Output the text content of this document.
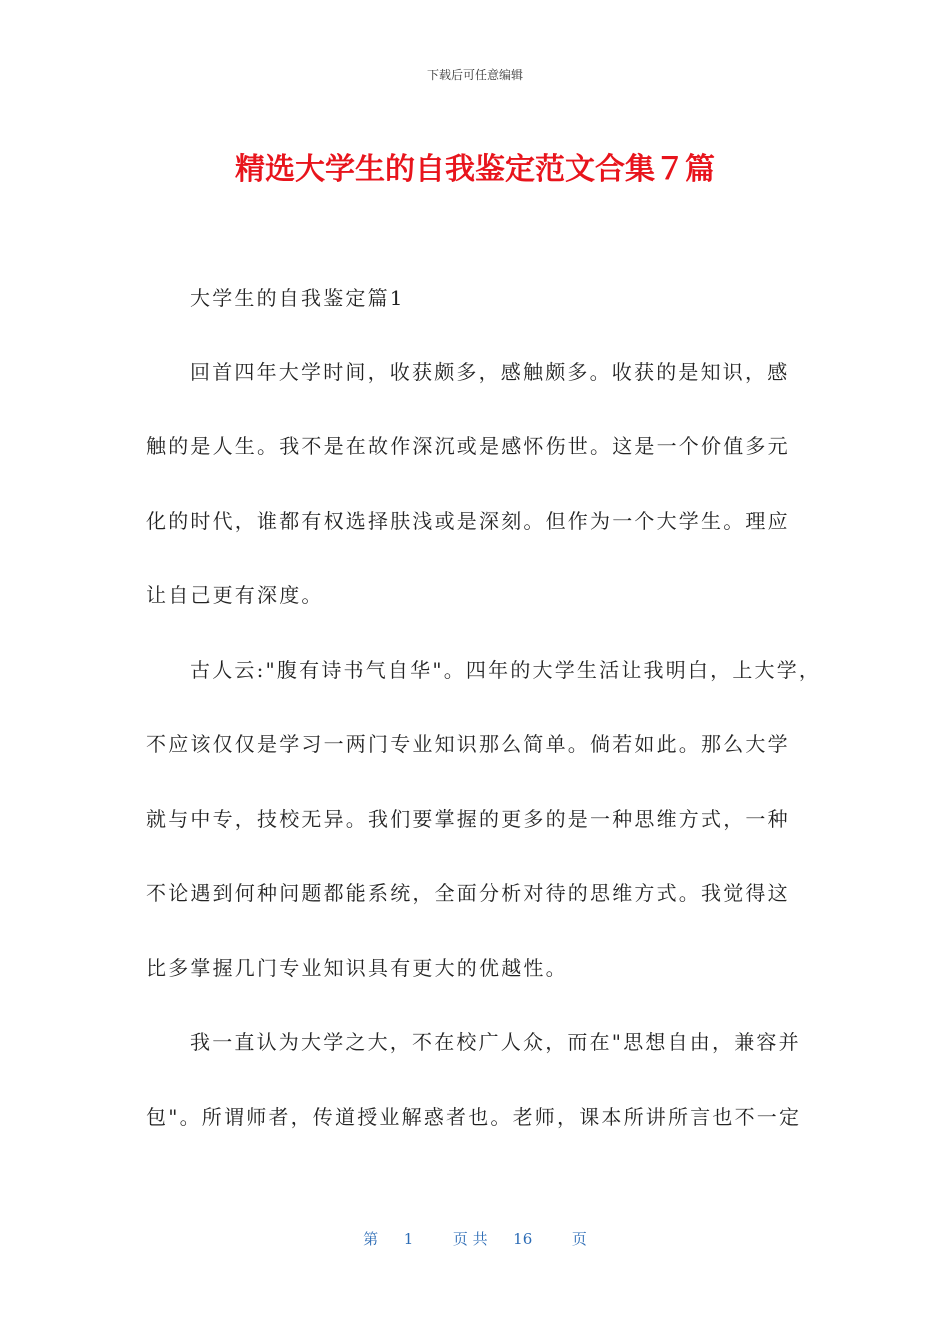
下载后可任意编辑
精选大学生的自我鉴定范文合集７篇
大学生的自我鉴定篇1
回首四年大学时间，收获颇多，感触颇多。收获的是知识，感
触的是人生。我不是在故作深沉或是感怀伤世。这是一个价值多元
化的时代，谁都有权选择肤浅或是深刻。但作为一个大学生。理应
让自己更有深度。
古人云:"腹有诗书气自华"。四年的大学生活让我明白，上大学，
不应该仅仅是学习一两门专业知识那么简单。倘若如此。那么大学
就与中专，技校无异。我们要掌握的更多的是一种思维方式，一种
不论遇到何种问题都能系统，全面分析对待的思维方式。我觉得这
比多掌握几门专业知识具有更大的优越性。
我一直认为大学之大，不在校广人众，而在"思想自由，兼容并
包"。所谓师者，传道授业解惑者也。老师，课本所讲所言也不一定
第 1	页 共 16	页
